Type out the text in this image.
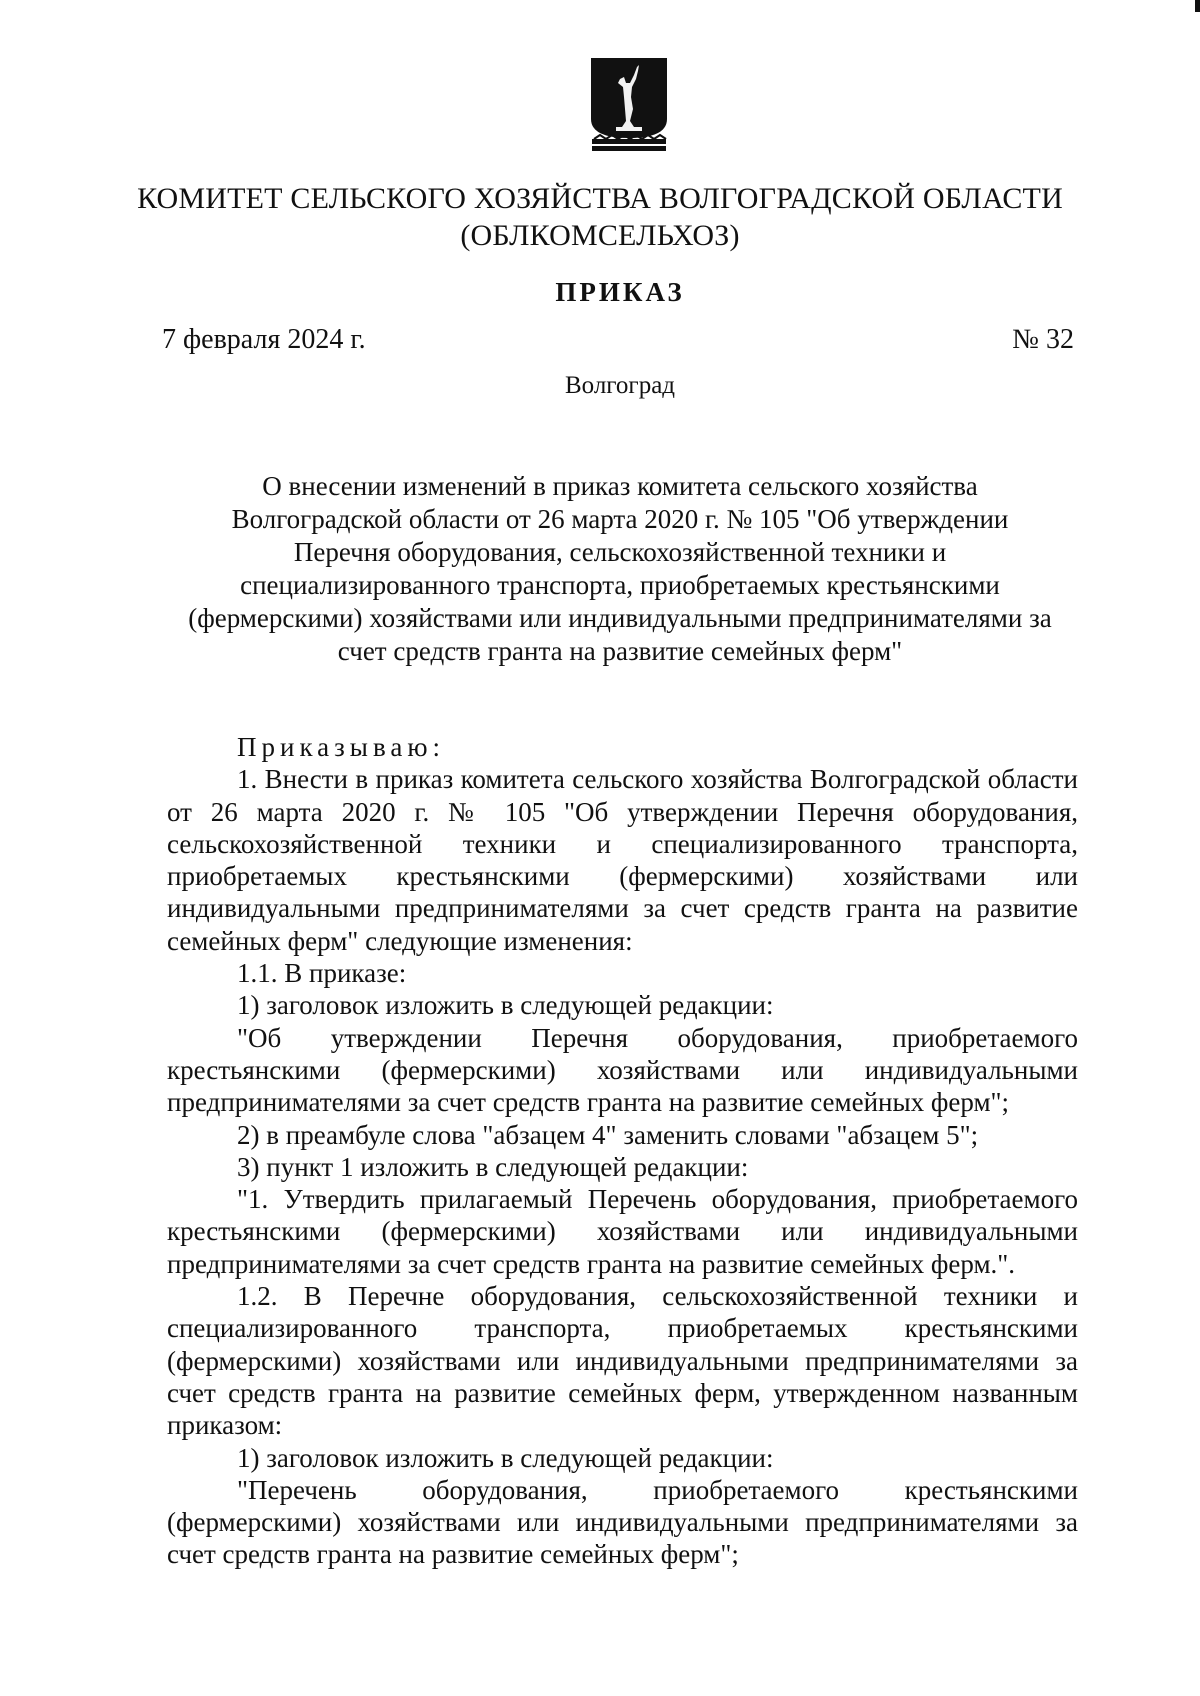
КОМИТЕТ СЕЛЬСКОГО ХОЗЯЙСТВА ВОЛГОГРАДСКОЙ ОБЛАСТИ
(ОБЛКОМСЕЛЬХОЗ)
ПРИКАЗ
7 февраля 2024 г.	№ 32
Волгоград

О внесении изменений в приказ комитета сельского хозяйства

Волгоградской области от 26 марта 2020 г. № 105 "Об утверждении

Перечня оборудования, сельскохозяйственной техники и

специализированного транспорта, приобретаемых крестьянскими

(фермерскими) хозяйствами или индивидуальными предпринимателями за

счет средств гранта на развитие семейных ферм"

Приказываю:

1. Внести в приказ комитета сельского хозяйства Волгоградской области от 26 марта 2020 г. № 105 "Об утверждении Перечня оборудования, сельскохозяйственной техники и специализированного транспорта, приобретаемых крестьянскими (фермерскими) хозяйствами или индивидуальными предпринимателями за счет средств гранта на развитие семейных ферм" следующие изменения:

1.1. В приказе:

1) заголовок изложить в следующей редакции:

"Об утверждении Перечня оборудования, приобретаемого крестьянскими (фермерскими) хозяйствами или индивидуальными предпринимателями за счет средств гранта на развитие семейных ферм";

2) в преамбуле слова "абзацем 4" заменить словами "абзацем 5";

3) пункт 1 изложить в следующей редакции:

"1. Утвердить прилагаемый Перечень оборудования, приобретаемого крестьянскими (фермерскими) хозяйствами или индивидуальными предпринимателями за счет средств гранта на развитие семейных ферм.".

1.2. В Перечне оборудования, сельскохозяйственной техники и специализированного транспорта, приобретаемых крестьянскими (фермерскими) хозяйствами или индивидуальными предпринимателями за счет средств гранта на развитие семейных ферм, утвержденном названным приказом:

1) заголовок изложить в следующей редакции:

"Перечень оборудования, приобретаемого крестьянскими (фермерскими) хозяйствами или индивидуальными предпринимателями за счет средств гранта на развитие семейных ферм";
